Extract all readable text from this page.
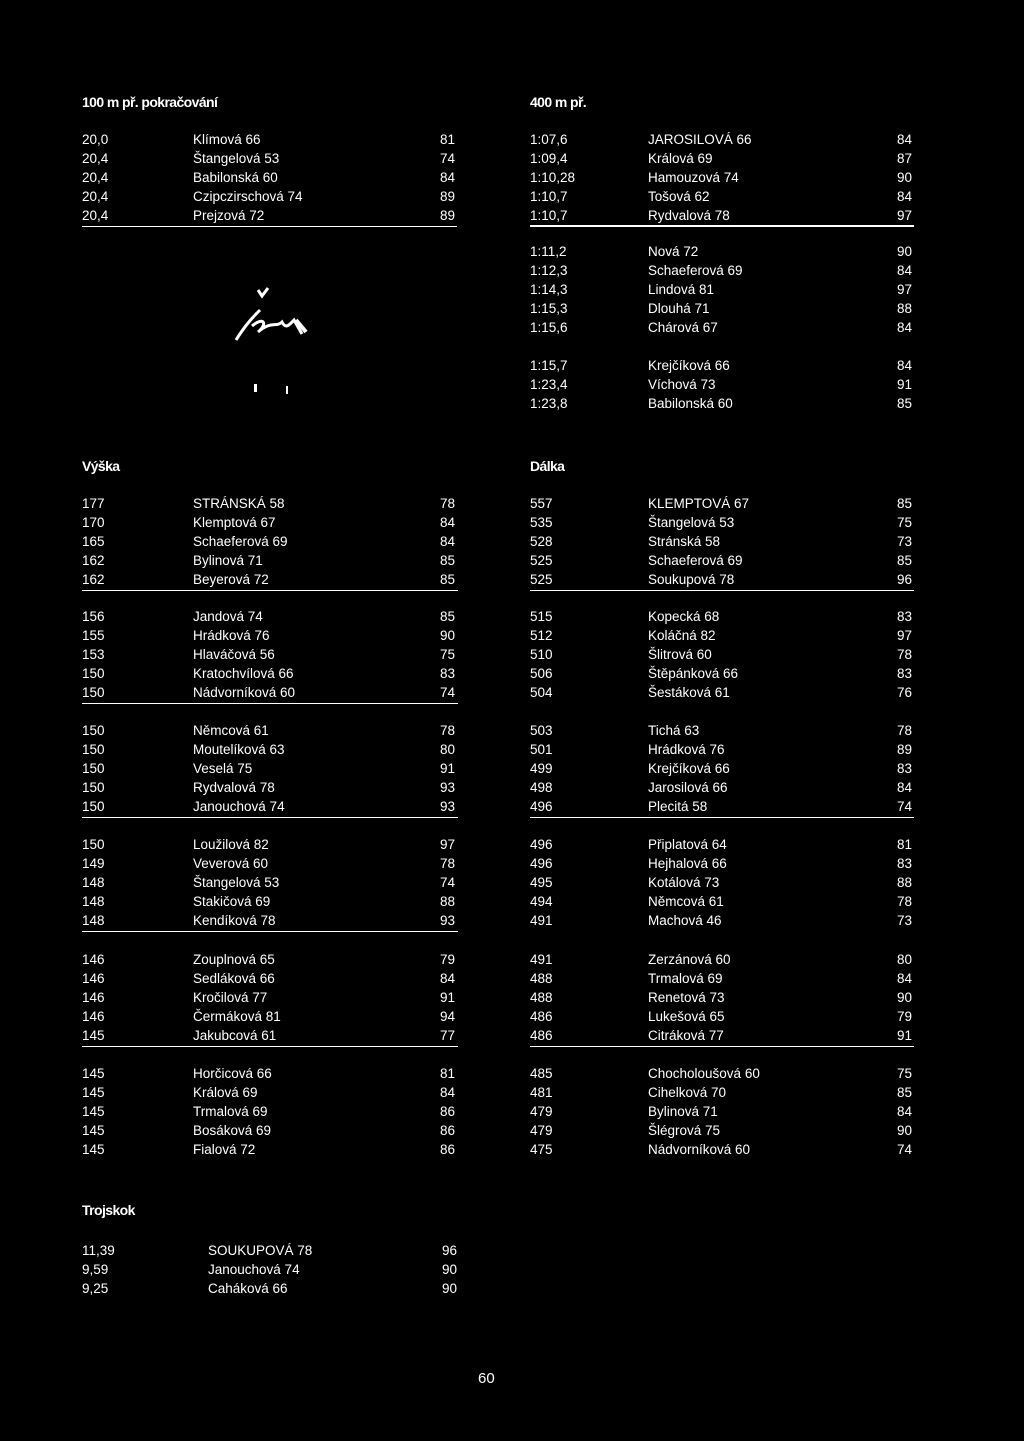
100 m př. pokračování	400 m př.
Výška	Dálka
Trojskok
20,0	Klímová 66	81
20,4	Štangelová 53	74
20,4	Babilonská 60	84
20,4	Czipczirschová 74	89
20,4	Prejzová 72	89
1:07,6	JAROSILOVÁ 66	84
1:09,4	Králová 69	87
1:10,28	Hamouzová 74	90
1:10,7	Tošová 62	84
1:10,7	Rydvalová 78	97
1:11,2	Nová 72	90
1:12,3	Schaeferová 69	84
1:14,3	Lindová 81	97
1:15,3	Dlouhá 71	88
1:15,6	Chárová 67	84
1:15,7	Krejčíková 66	84
1:23,4	Víchová 73	91
1:23,8	Babilonská 60	85
177	STRÁNSKÁ 58	78
170	Klemptová 67	84
165	Schaeferová 69	84
162	Bylinová 71	85
162	Beyerová 72	85
156	Jandová 74	85
155	Hrádková 76	90
153	Hlaváčová 56	75
150	Kratochvílová 66	83
150	Nádvorníková 60	74
150	Němcová 61	78
150	Moutelíková 63	80
150	Veselá 75	91
150	Rydvalová 78	93
150	Janouchová 74	93
150	Loužilová 82	97
149	Veverová 60	78
148	Štangelová 53	74
148	Stakičová 69	88
148	Kendíková 78	93
146	Zouplnová 65	79
146	Sedláková 66	84
146	Kročilová 77	91
146	Čermáková 81	94
145	Jakubcová 61	77
145	Horčicová 66	81
145	Králová 69	84
145	Trmalová 69	86
145	Bosáková 69	86
145	Fialová 72	86
557	KLEMPTOVÁ 67	85
535	Štangelová 53	75
528	Stránská 58	73
525	Schaeferová 69	85
525	Soukupová 78	96
515	Kopecká 68	83
512	Koláčná 82	97
510	Šlitrová 60	78
506	Štěpánková 66	83
504	Šestáková 61	76
503	Tichá 63	78
501	Hrádková 76	89
499	Krejčíková 66	83
498	Jarosilová 66	84
496	Plecitá 58	74
496	Připlatová 64	81
496	Hejhalová 66	83
495	Kotálová 73	88
494	Němcová 61	78
491	Machová 46	73
491	Zerzánová 60	80
488	Trmalová 69	84
488	Renetová 73	90
486	Lukešová 65	79
486	Citráková 77	91
485	Chocholoušová 60	75
481	Cihelková 70	85
479	Bylinová 71	84
479	Šlégrová 75	90
475	Nádvorníková 60	74
11,39	SOUKUPOVÁ 78	96
9,59	Janouchová 74	90
9,25	Caháková 66	90
60
